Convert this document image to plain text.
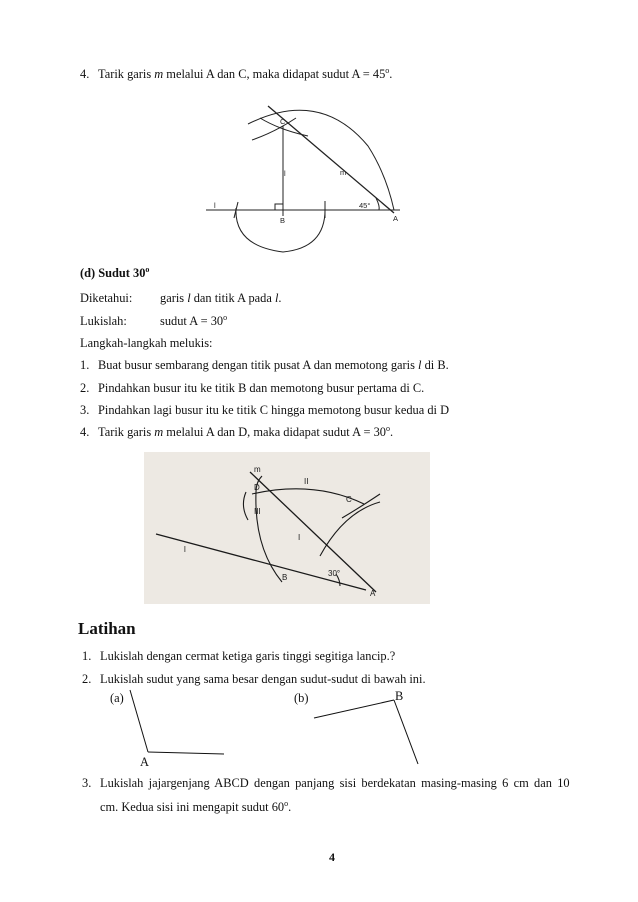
4. Tarik garis m melalui A dan C, maka didapat sudut $A = 45^o$.
C
m
l
l
B	A
45°
(d) Sudut 30$^o$
Diketahui: garis l dan titik A pada l.
Lukislah:	sudut $A = 30^o$
Langkah-langkah melukis:
1. Buat busur sembarang dengan titik pusat A dan memotong garis l di B.
2. Pindahkan busur itu ke titik B dan memotong busur pertama di C.
3. Pindahkan lagi busur itu ke titik C hingga memotong busur kedua di D
4. Tarik garis m melalui A dan D, maka didapat sudut $A = 30^o$.
m
D
II
C
III
I
l
B	30°
A
Latihan
1. Lukislah dengan cermat ketiga garis tinggi segitiga lancip.?
2. Lukislah sudut yang sama besar dengan sudut-sudut di bawah ini.
(a)	(b)
A
B
3. Lukislah jajargenjang ABCD dengan panjang sisi berdekatan masing-masing 6 cm dan 10
cm. Kedua sisi ini mengapit sudut 60$^o$.
4
